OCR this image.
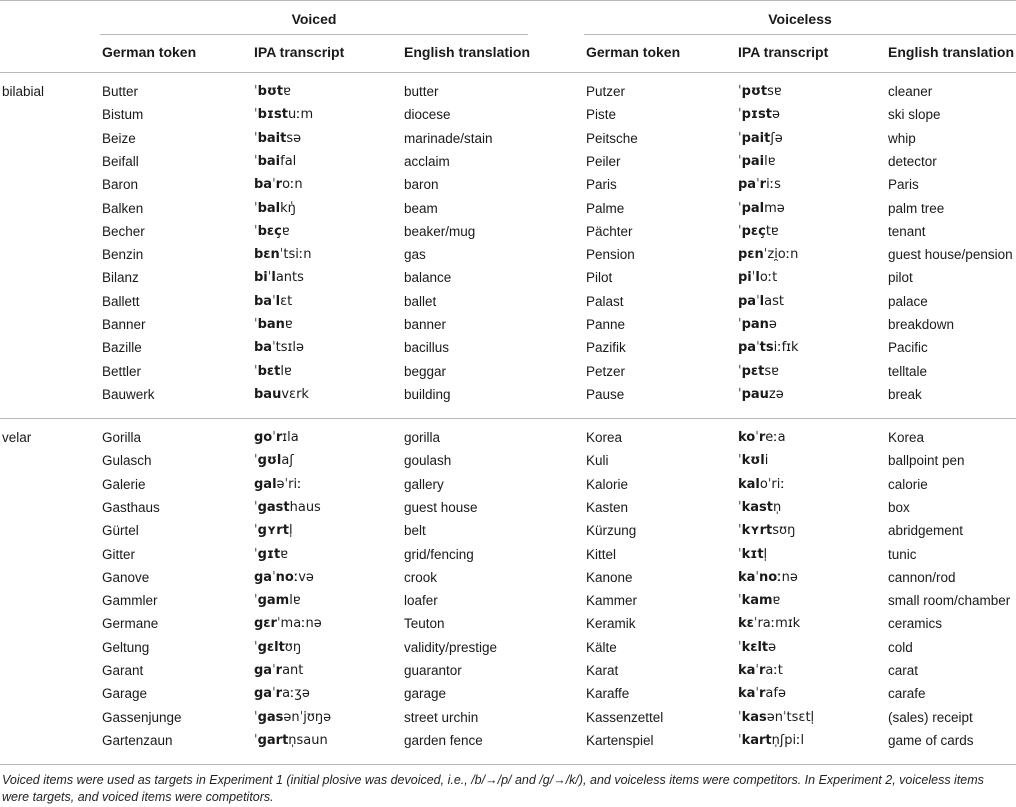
Voiced	Voiceless
German token	IPA transcript	English translation	German token	IPA transcript	English translation
bilabial	Butter	ˈbʊtɐ	butter	Putzer	ˈpʊtsɐ	cleaner
Bistum	ˈbɪstuːm	diocese	Piste	ˈpɪstə	ski slope
Beize	ˈbaitsə	marinade/stain	Peitsche	ˈpaitʃə	whip
Beifall	ˈbaifal	acclaim	Peiler	ˈpailɐ	detector
Baron	baˈroːn	baron	Paris	paˈriːs	Paris
Balken	ˈbalkŋ̍	beam	Palme	ˈpalmə	palm tree
Becher	ˈbɛçɐ	beaker/mug	Pächter	ˈpɛçtɐ	tenant
Benzin	bɛnˈtsiːn	gas	Pension	pɛnˈzi̯oːn	guest house/pension
Bilanz	biˈlants	balance	Pilot	piˈloːt	pilot
Ballett	baˈlɛt	ballet	Palast	paˈlast	palace
Banner	ˈbanɐ	banner	Panne	ˈpanə	breakdown
Bazille	baˈtsɪlə	bacillus	Pazifik	paˈtsiːfɪk	Pacific
Bettler	ˈbɛtlɐ	beggar	Petzer	ˈpɛtsɐ	telltale
Bauwerk	bauvɛrk	building	Pause	ˈpauzə	break
velar	Gorilla	goˈrɪla	gorilla	Korea	koˈreːa	Korea
Gulasch	ˈgʊlaʃ	goulash	Kuli	ˈkʊli	ballpoint pen
Galerie	galəˈriː	gallery	Kalorie	kaloˈriː	calorie
Gasthaus	ˈgasthaus	guest house	Kasten	ˈkastn̩	box
Gürtel	ˈgʏrtl̩	belt	Kürzung	ˈkʏrtsʊŋ	abridgement
Gitter	ˈgɪtɐ	grid/fencing	Kittel	ˈkɪtl̩	tunic
Ganove	gaˈnoːvə	crook	Kanone	kaˈnoːnə	cannon/rod
Gammler	ˈgamlɐ	loafer	Kammer	ˈkamɐ	small room/chamber
Germane	gɛrˈmaːnə	Teuton	Keramik	kɛˈraːmɪk	ceramics
Geltung	ˈgɛltʊŋ	validity/prestige	Kälte	ˈkɛltə	cold
Garant	gaˈrant	guarantor	Karat	kaˈraːt	carat
Garage	gaˈraːʒə	garage	Karaffe	kaˈrafə	carafe
Gassenjunge	ˈgasənˈjʊŋə	street urchin	Kassenzettel	ˈkasənˈtsɛtl̩	(sales) receipt
Gartenzaun	ˈgartn̩saun	garden fence	Kartenspiel	ˈkartn̩ʃpiːl	game of cards
Voiced items were used as targets in Experiment 1 (initial plosive was devoiced, i.e., /b/→/p/ and /g/→/k/), and voiceless items were competitors. In Experiment 2, voiceless items were targets, and voiced items were competitors.
